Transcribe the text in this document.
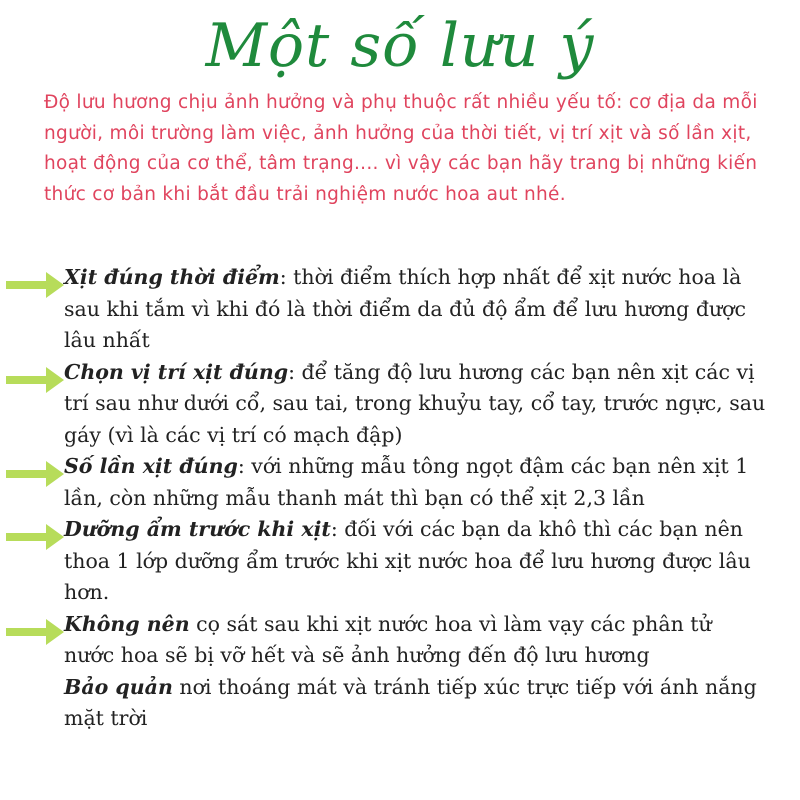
Một số lưu ý
Độ lưu hương chịu ảnh hưởng và phụ thuộc rất nhiều yếu tố: cơ địa da mỗi người, môi trường làm việc, ảnh hưởng của thời tiết, vị trí xịt và số lần xịt, hoạt động của cơ thể, tâm trạng.... vì vậy các bạn hãy trang bị những kiến thức cơ bản khi bắt đầu trải nghiệm nước hoa aut nhé.
Xịt đúng thời điểm: thời điểm thích hợp nhất để xịt nước hoa là sau khi tắm vì khi đó là thời điểm da đủ độ ẩm để lưu hương được lâu nhất
Chọn vị trí xịt đúng: để tăng độ lưu hương các bạn nên xịt các vị trí sau như dưới cổ, sau tai, trong khuỷu tay, cổ tay, trước ngực, sau gáy (vì là các vị trí có mạch đập)
Số lần xịt đúng: với những mẫu tông ngọt đậm các bạn nên xịt 1 lần, còn những mẫu thanh mát thì bạn có thể xịt 2,3 lần
Dưỡng ẩm trước khi xịt: đối với các bạn da khô thì các bạn nên thoa 1 lớp dưỡng ẩm trước khi xịt nước hoa để lưu hương được lâu hơn.
Không nên cọ sát sau khi xịt nước hoa vì làm vạy các phân tử nước hoa sẽ bị vỡ hết và sẽ ảnh hưởng đến độ lưu hương
Bảo quản nơi thoáng mát và tránh tiếp xúc trực tiếp với ánh nắng mặt trời
